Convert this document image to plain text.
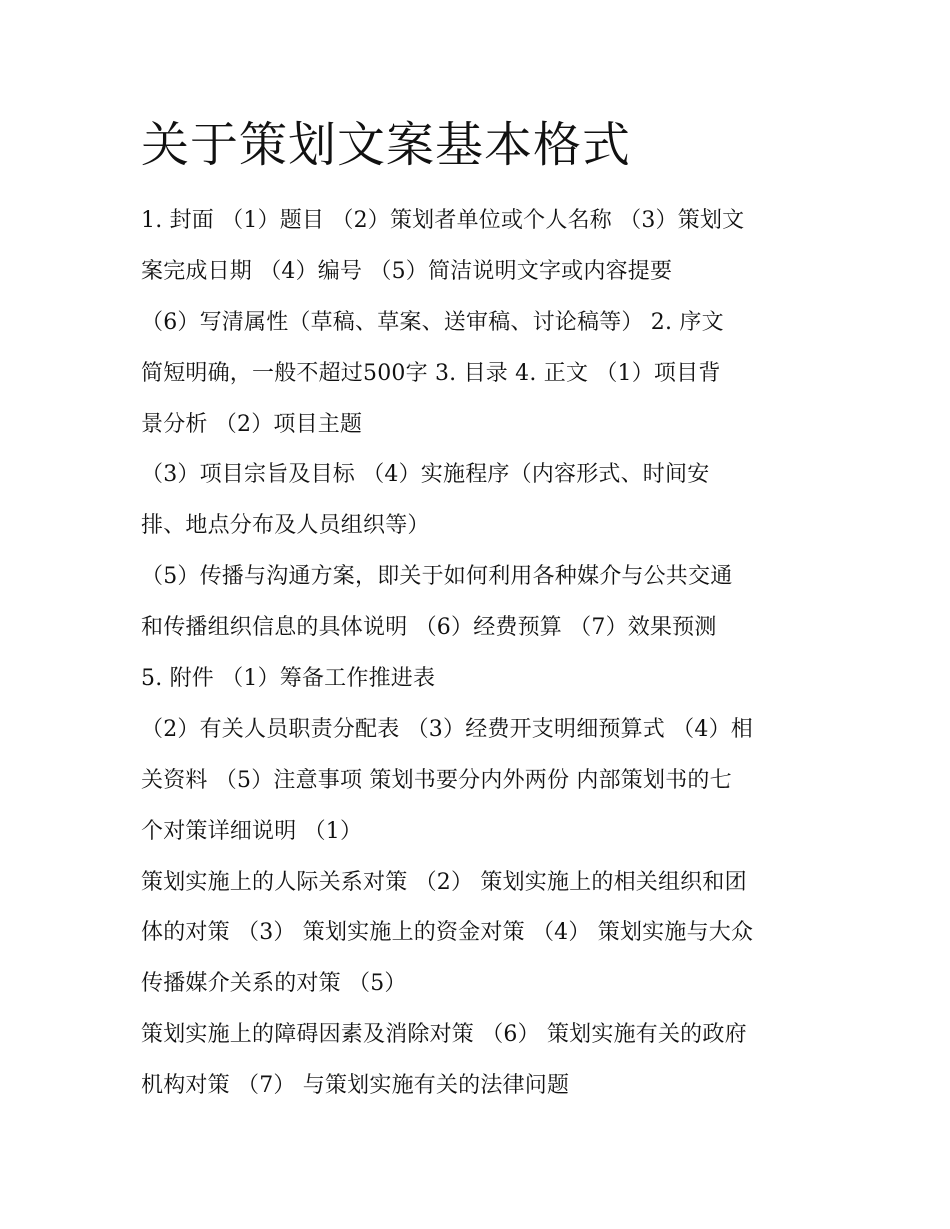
关于策划文案基本格式
1. 封面 （1）题目 （2）策划者单位或个人名称 （3）策划文
案完成日期 （4）编号 （5）简洁说明文字或内容提要
（6）写清属性（草稿、草案、送审稿、讨论稿等） 2. 序文
简短明确，一般不超过500字 3. 目录 4. 正文 （1）项目背
景分析 （2）项目主题
（3）项目宗旨及目标 （4）实施程序（内容形式、时间安
排、地点分布及人员组织等）
（5）传播与沟通方案，即关于如何利用各种媒介与公共交通
和传播组织信息的具体说明 （6）经费预算 （7）效果预测
5. 附件 （1）筹备工作推进表
（2）有关人员职责分配表 （3）经费开支明细预算式 （4）相
关资料 （5）注意事项 策划书要分内外两份 内部策划书的七
个对策详细说明 （1）
策划实施上的人际关系对策 （2） 策划实施上的相关组织和团
体的对策 （3） 策划实施上的资金对策 （4） 策划实施与大众
传播媒介关系的对策 （5）
策划实施上的障碍因素及消除对策 （6） 策划实施有关的政府
机构对策 （7） 与策划实施有关的法律问题
